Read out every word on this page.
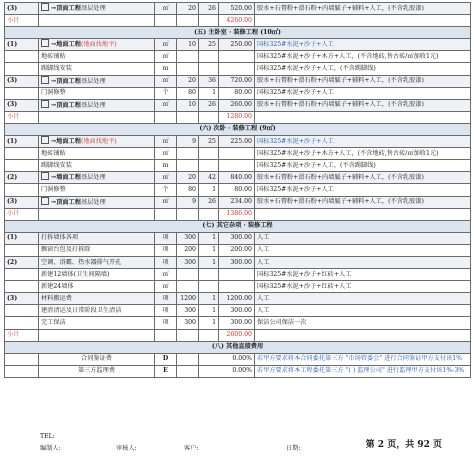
(3)	→顶面工程基层处理	㎡	20	26	520.00	胶水+石膏粉+滑石粉+内墙腻子+辅料+人工，(不含乳胶漆)
小计					4260.00	
(五) 主卧室 · 装修工程 (10㎡)						
(1)	→地面工程(地面找地平)	㎡	10	25	250.00	国标325#水泥+沙子+人工
	地砖铺贴	㎡				国标325#水泥+沙子+木方+人工，(不含地砖,售古砖/㎡加收1元)
	踢脚线安装	m				国标325#水泥+沙子+人工，(不含踢脚线)
(3)	→顶面工程基层处理	㎡	20	36	720.00	胶水+石膏粉+滑石粉+内墙腻子+辅料+人工，(不含乳胶漆)
	门洞修整	个	80	1	80.00	国标325#水泥+沙子+人工
(3)	→顶面工程基层处理	㎡	10	26	260.00	胶水+石膏粉+滑石粉+内墙腻子+辅料+人工，(不含乳胶漆)
小计					1280.00	
(六) 次卧 · 装修工程 (9㎡)						
(1)	→地面工程(地面找地平)	㎡	9	25	225.00	国标325#水泥+沙子+人工
	地砖铺贴	㎡				国标325#水泥+沙子+木方+人工，(不含地砖,售古砖/㎡加收1元)
	踢脚线安装	m				国标325#水泥+沙子+人工，(不含踢脚线)
(2)	→墙面工程基层处理	㎡	20	42	840.00	胶水+石膏粉+滑石粉+内墙腻子+辅料+人工，(不含乳胶漆)
	门洞修整	个	80	1	80.00	国标325#水泥+沙子+人工
(3)	→顶面工程基层处理	㎡	9	26	234.00	胶水+石膏粉+滑石粉+内墙腻子+辅料+人工，(不含乳胶漆)
小计					1386.00	
(七) 其它杂项 · 装修工程						
(1)	打拆墙体各项	项	300	1	300.00	人工
	飘窗台包及打拆除	项	200	1	200.00	人工
(2)	空调、浴霸、热水器排气开孔	项	300	1	300.00	人工
	新建12墙体(卫生间隔墙)	㎡				国标325#水泥+沙子+红砖+人工
	新建24墙体	㎡				国标325#水泥+沙子+红砖+人工
(3)	材料搬运费	项	1200	1	1200.00	人工
	建渣清运及日常阶段卫生清洁	项	300	1	300.00	人工
	完工保洁	项	300	1	300.00	保洁公司保洁一次
小计					2600.00	
(八) 其他直接费用						
	合同鉴证费	D		0.00%		若甲方要求将本合同委托第三方 "市场管委会" 进行合同鉴证甲方支付该1%
	第三方监理费	E		0.00%		若甲方要求将本工程委托第三方 "( ) 监理公司" 进行监理甲方支付该1%-3%
TEL:
编制人:	审核人:	客户:	日期:	第 2 页，共 92 页
